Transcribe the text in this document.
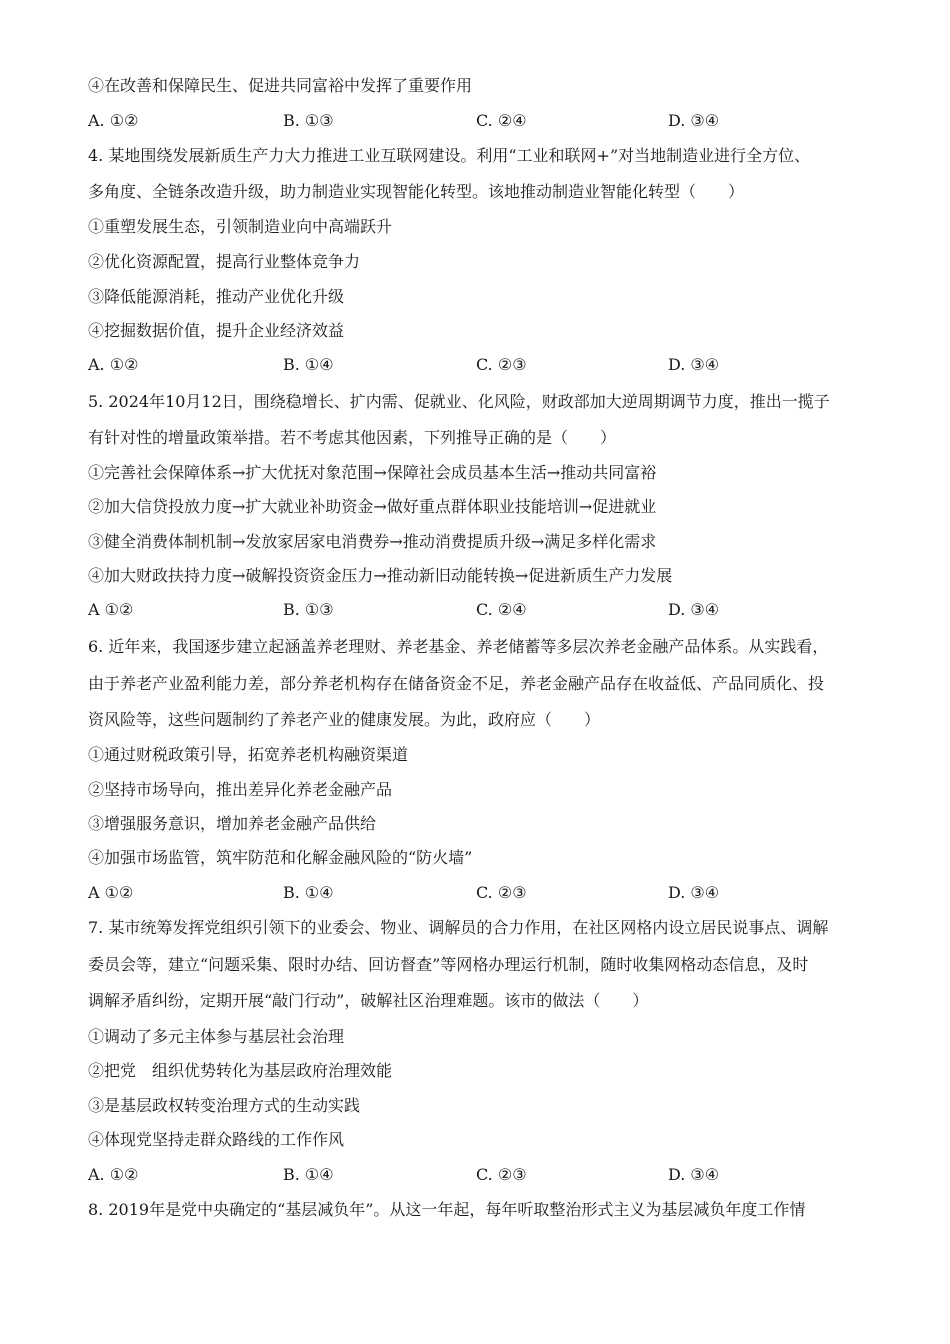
④在改善和保障民生、促进共同富裕中发挥了重要作用
A. ①②	B. ①③	C. ②④	D. ③④
4. 某地围绕发展新质生产力大力推进工业互联网建设。利用“工业和联网+”对当地制造业进行全方位、
多角度、全链条改造升级，助力制造业实现智能化转型。该地推动制造业智能化转型（　　）
①重塑发展生态，引领制造业向中高端跃升
②优化资源配置，提高行业整体竞争力
③降低能源消耗，推动产业优化升级
④挖掘数据价值，提升企业经济效益
A. ①②	B. ①④	C. ②③	D. ③④
5. 2024年10月12日，围绕稳增长、扩内需、促就业、化风险，财政部加大逆周期调节力度，推出一揽子
有针对性的增量政策举措。若不考虑其他因素，下列推导正确的是（　　）
①完善社会保障体系→扩大优抚对象范围→保障社会成员基本生活→推动共同富裕
②加大信贷投放力度→扩大就业补助资金→做好重点群体职业技能培训→促进就业
③健全消费体制机制→发放家居家电消费券→推动消费提质升级→满足多样化需求
④加大财政扶持力度→破解投资资金压力→推动新旧动能转换→促进新质生产力发展
A ①②	B. ①③	C. ②④	D. ③④
6. 近年来，我国逐步建立起涵盖养老理财、养老基金、养老储蓄等多层次养老金融产品体系。从实践看，
由于养老产业盈利能力差，部分养老机构存在储备资金不足，养老金融产品存在收益低、产品同质化、投
资风险等，这些问题制约了养老产业的健康发展。为此，政府应（　　）
①通过财税政策引导，拓宽养老机构融资渠道
②坚持市场导向，推出差异化养老金融产品
③增强服务意识，增加养老金融产品供给
④加强市场监管，筑牢防范和化解金融风险的“防火墙”
A ①②	B. ①④	C. ②③	D. ③④
7. 某市统筹发挥党组织引领下的业委会、物业、调解员的合力作用，在社区网格内设立居民说事点、调解
委员会等，建立“问题采集、限时办结、回访督查”等网格办理运行机制，随时收集网格动态信息，及时
调解矛盾纠纷，定期开展“敲门行动”，破解社区治理难题。该市的做法（　　）
①调动了多元主体参与基层社会治理
②把党　组织优势转化为基层政府治理效能
③是基层政权转变治理方式的生动实践
④体现党坚持走群众路线的工作作风
A. ①②	B. ①④	C. ②③	D. ③④
8. 2019年是党中央确定的“基层减负年”。从这一年起，每年听取整治形式主义为基层减负年度工作情
